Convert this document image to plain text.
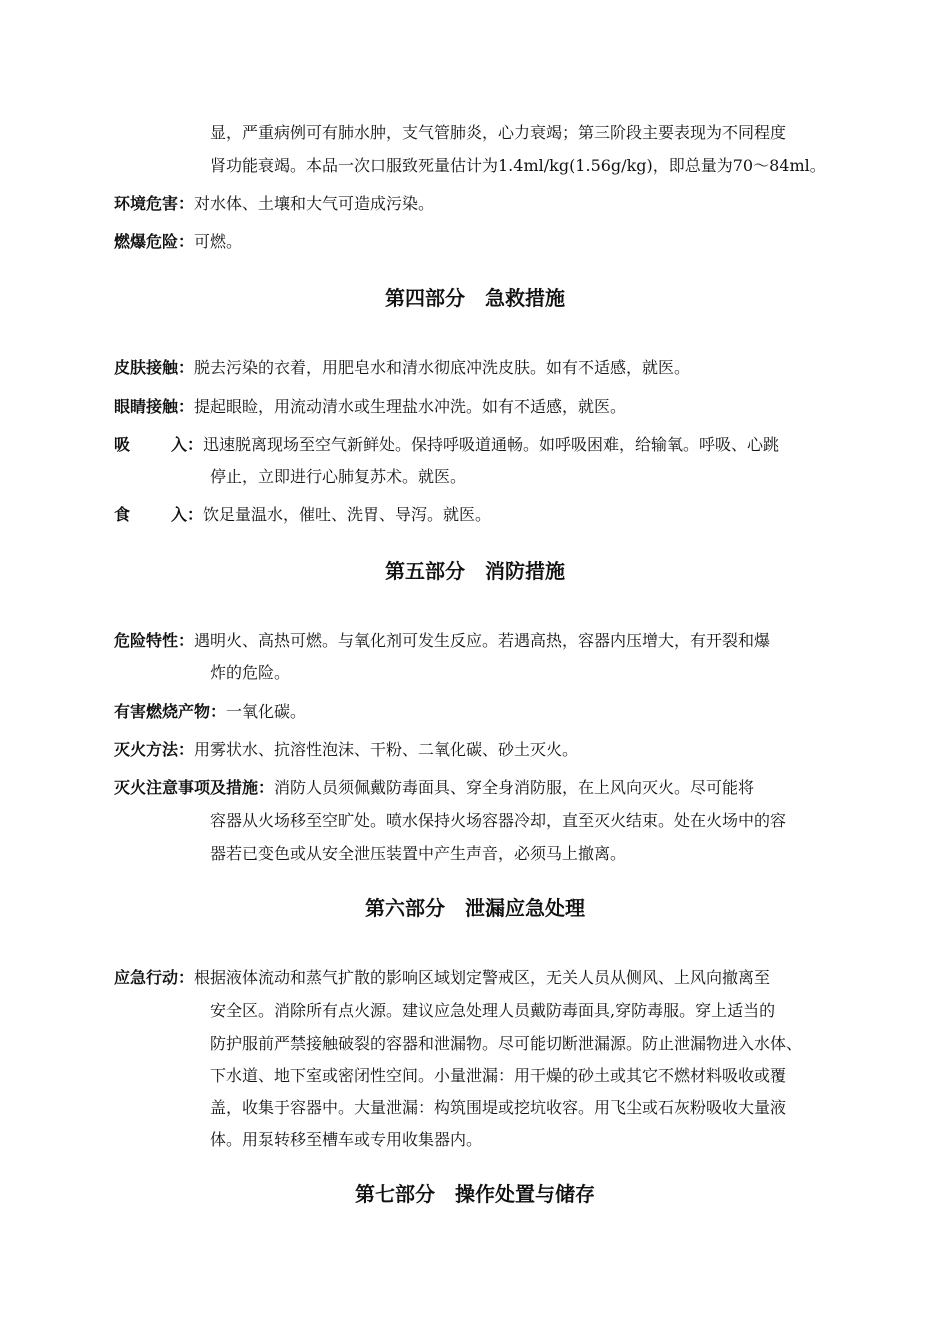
显，严重病例可有肺水肿，支气管肺炎，心力衰竭；第三阶段主要表现为不同程度
肾功能衰竭。本品一次口服致死量估计为1.4ml/kg(1.56g/kg)，即总量为70～84ml。
环境危害：对水体、土壤和大气可造成污染。
燃爆危险：可燃。
第四部分　急救措施
皮肤接触：脱去污染的衣着，用肥皂水和清水彻底冲洗皮肤。如有不适感，就医。
眼睛接触：提起眼睑，用流动清水或生理盐水冲洗。如有不适感，就医。
吸	入：迅速脱离现场至空气新鲜处。保持呼吸道通畅。如呼吸困难，给输氧。呼吸、心跳
停止，立即进行心肺复苏术。就医。
食	入：饮足量温水，催吐、洗胃、导泻。就医。
第五部分　消防措施
危险特性：遇明火、高热可燃。与氧化剂可发生反应。若遇高热，容器内压增大，有开裂和爆
炸的危险。
有害燃烧产物：一氧化碳。
灭火方法：用雾状水、抗溶性泡沫、干粉、二氧化碳、砂土灭火。
灭火注意事项及措施：消防人员须佩戴防毒面具、穿全身消防服，在上风向灭火。尽可能将
容器从火场移至空旷处。喷水保持火场容器冷却，直至灭火结束。处在火场中的容
器若已变色或从安全泄压装置中产生声音，必须马上撤离。
第六部分　泄漏应急处理
应急行动：根据液体流动和蒸气扩散的影响区域划定警戒区，无关人员从侧风、上风向撤离至
安全区。消除所有点火源。建议应急处理人员戴防毒面具,穿防毒服。穿上适当的
防护服前严禁接触破裂的容器和泄漏物。尽可能切断泄漏源。防止泄漏物进入水体、
下水道、地下室或密闭性空间。小量泄漏：用干燥的砂土或其它不燃材料吸收或覆
盖，收集于容器中。大量泄漏：构筑围堤或挖坑收容。用飞尘或石灰粉吸收大量液
体。用泵转移至槽车或专用收集器内。
第七部分　操作处置与储存
